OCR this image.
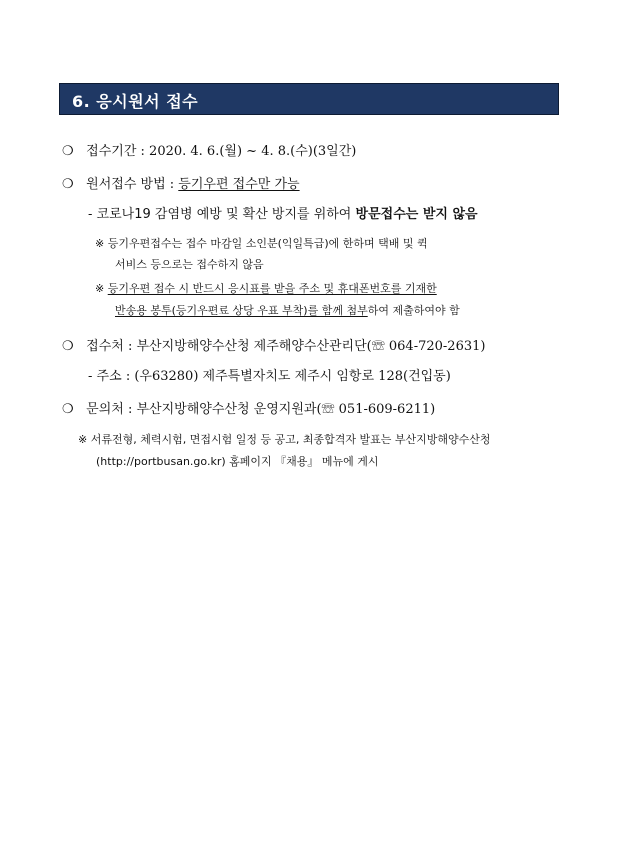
6. 응시원서 접수
❍ 접수기간 : 2020. 4. 6.(월) ~ 4. 8.(수)(3일간)
❍ 원서접수 방법 : 등기우편 접수만 가능
- 코로나19 감염병 예방 및 확산 방지를 위하여 방문접수는 받지 않음
※ 등기우편접수는 접수 마감일 소인분(익일특급)에 한하며 택배 및 퀵
서비스 등으로는 접수하지 않음
※ 등기우편 접수 시 반드시 응시표를 받을 주소 및 휴대폰번호를 기재한
반송용 봉투(등기우편료 상당 우표 부착)를 함께 첨부하여 제출하여야 함
❍ 접수처 : 부산지방해양수산청 제주해양수산관리단(☏ 064-720-2631)
- 주소 : (우63280) 제주특별자치도 제주시 임항로 128(건입동)
❍ 문의처 : 부산지방해양수산청 운영지원과(☏ 051-609-6211)
※ 서류전형, 체력시험, 면접시험 일정 등 공고, 최종합격자 발표는 부산지방해양수산청
(http://portbusan.go.kr) 홈페이지 『채용』 메뉴에 게시
